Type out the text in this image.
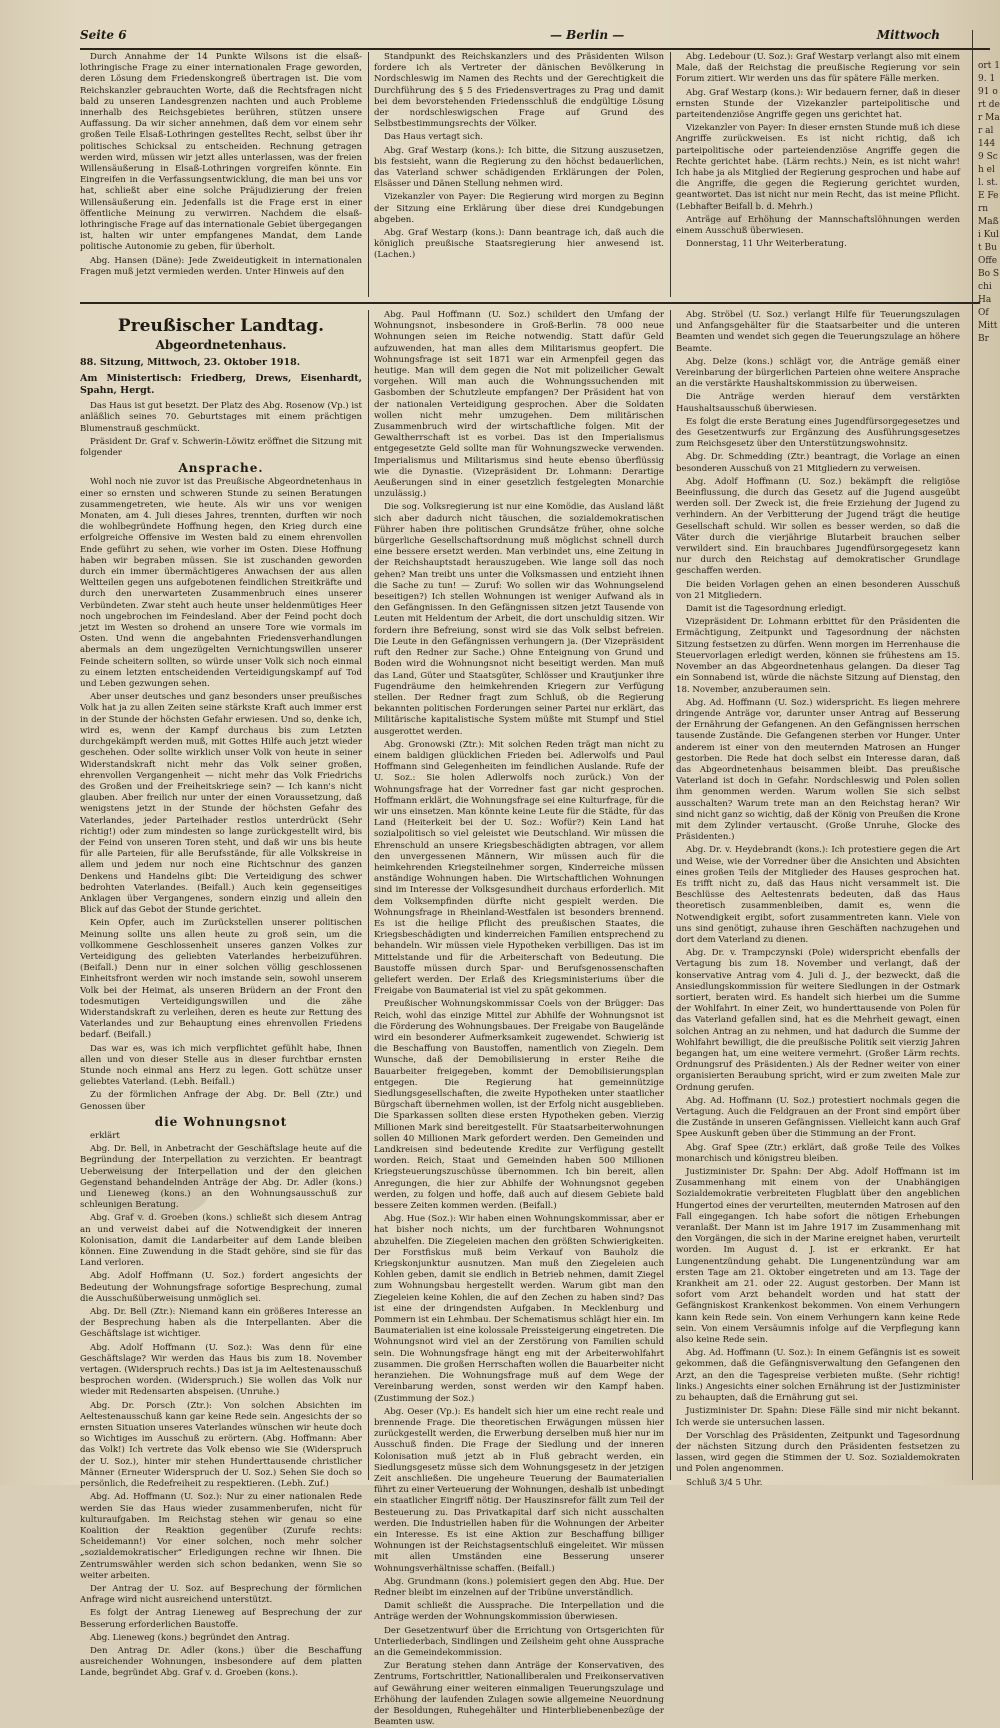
Seite 6	— Berlin —	Mittwoch

Durch Annahme der 14 Punkte Wilsons ist die elsaß-lothringische Frage zu einer internationalen Frage geworden, deren Lösung dem Friedenskongreß übertragen ist. Die vom Reichskanzler gebrauchten Worte, daß die Rechtsfragen nicht bald zu unseren Landesgrenzen nachten und auch Probleme innerhalb des Reichsgebietes berühren, stützen unsere Auffassung. Da wir sicher annehmen, daß dem vor einem sehr großen Teile Elsaß-Lothringen gestelltes Recht, selbst über ihr politisches Schicksal zu entscheiden. Rechnung getragen werden wird, müssen wir jetzt alles unterlassen, was der freien Willensäußerung in Elsaß-Lothringen vorgreifen könnte. Ein Eingreifen in die Verfassungsentwicklung, die man bei uns vor hat, schließt aber eine solche Präjudizierung der freien Willensäußerung ein. Jedenfalls ist die Frage erst in einer öffentliche Meinung zu verwirren. Nachdem die elsaß-lothringische Frage auf das internationale Gebiet übergegangen ist, halten wir unter empfangenes Mandat, dem Lande politische Autonomie zu geben, für überholt.

Abg. Hansen (Däne): Jede Zweideutigkeit in internationalen Fragen muß jetzt vermieden werden. Unter Hinweis auf den

Standpunkt des Reichskanzlers und des Präsidenten Wilson fordere ich als Vertreter der dänischen Bevölkerung in Nordschleswig im Namen des Rechts und der Gerechtigkeit die Durchführung des § 5 des Friedensvertrages zu Prag und damit bei dem bevorstehenden Friedensschluß die endgültige Lösung der nordschleswigschen Frage auf Grund des Selbstbestimmungsrechts der Völker.

Das Haus vertagt sich.

Abg. Graf Westarp (kons.): Ich bitte, die Sitzung auszusetzen, bis festsieht, wann die Regierung zu den höchst bedauerlichen, das Vaterland schwer schädigenden Erklärungen der Polen, Elsässer und Dänen Stellung nehmen wird.

Vizekanzler von Payer: Die Regierung wird morgen zu Beginn der Sitzung eine Erklärung über diese drei Kundgebungen abgeben.

Abg. Graf Westarp (kons.): Dann beantrage ich, daß auch die königlich preußische Staatsregierung hier anwesend ist. (Lachen.)

Abg. Ledebour (U. Soz.): Graf Westarp verlangt also mit einem Male, daß der Reichstag die preußische Regierung vor sein Forum zitiert. Wir werden uns das für spätere Fälle merken.

Abg. Graf Westarp (kons.): Wir bedauern ferner, daß in dieser ernsten Stunde der Vizekanzler parteipolitische und parteitendenziöse Angriffe gegen uns gerichtet hat.

Vizekanzler von Payer: In dieser ernsten Stunde muß ich diese Angriffe zurückweisen. Es ist nicht richtig, daß ich parteipolitische oder parteiendenziöse Angriffe gegen die Rechte gerichtet habe. (Lärm rechts.) Nein, es ist nicht wahr! Ich habe ja als Mitglied der Regierung gesprochen und habe auf die Angriffe, die gegen die Regierung gerichtet wurden, geantwortet. Das ist nicht nur mein Recht, das ist meine Pflicht. (Lebhafter Beifall b. d. Mehrh.)

Anträge auf Erhöhung der Mannschaftslöhnungen werden einem Ausschuß überwiesen.

Donnerstag, 11 Uhr Weiterberatung.

Preußischer Landtag.
Abgeordnetenhaus.
88. Sitzung, Mittwoch, 23. Oktober 1918.
Am Ministertisch: Friedberg, Drews, Eisenhardt, Spahn, Hergt.

Das Haus ist gut besetzt. Der Platz des Abg. Rosenow (Vp.) ist anläßlich seines 70. Geburtstages mit einem prächtigen Blumenstrauß geschmückt.

Präsident Dr. Graf v. Schwerin-Löwitz eröffnet die Sitzung mit folgender

Ansprache.

Wohl noch nie zuvor ist das Preußische Abgeordnetenhaus in einer so ernsten und schweren Stunde zu seinen Beratungen zusammengetreten, wie heute. Als wir uns vor wenigen Monaten, am 4. Juli dieses Jahres, trennten, durften wir noch die wohlbegründete Hoffnung hegen, den Krieg durch eine erfolgreiche Offensive im Westen bald zu einem ehrenvollen Ende geführt zu sehen, wie vorher im Osten. Diese Hoffnung haben wir begraben müssen. Sie ist zuschanden geworden durch ein immer übermächtigeres Anwachsen der aus allen Weltteilen gegen uns aufgebotenen feindlichen Streitkräfte und durch den unerwarteten Zusammenbruch eines unserer Verbündeten. Zwar steht auch heute unser heldenmütiges Heer noch ungebrochen im Feindesland. Aber der Feind pocht doch jetzt im Westen so drohend an unsere Tore wie vormals im Osten. Und wenn die angebahnten Friedensverhandlungen abermals an dem ungezügelten Vernichtungswillen unserer Feinde scheitern sollten, so würde unser Volk sich noch einmal zu einem letzten entscheidenden Verteidigungskampf auf Tod und Leben gezwungen sehen.

Aber unser deutsches und ganz besonders unser preußisches Volk hat ja zu allen Zeiten seine stärkste Kraft auch immer erst in der Stunde der höchsten Gefahr erwiesen. Und so, denke ich, wird es, wenn der Kampf durchaus bis zum Letzten durchgekämpft werden muß, mit Gottes Hilfe auch jetzt wieder geschehen. Oder sollte wirklich unser Volk von heute in seiner Widerstandskraft nicht mehr das Volk seiner großen, ehrenvollen Vergangenheit — nicht mehr das Volk Friedrichs des Großen und der Freiheitskriege sein? — Ich kann's nicht glauben. Aber freilich nur unter der einen Voraussetzung, daß wenigstens jetzt in der Stunde der höchsten Gefahr des Vaterlandes, jeder Parteihader restlos unterdrückt (Sehr richtig!) oder zum mindesten so lange zurückgestellt wird, bis der Feind von unseren Toren steht, und daß wir uns bis heute für alle Parteien, für alle Berufsstände, für alle Volkskreise in allem und jedem nur noch eine Richtschnur des ganzen Denkens und Handelns gibt: Die Verteidigung des schwer bedrohten Vaterlandes. (Beifall.) Auch kein gegenseitiges Anklagen über Vergangenes, sondern einzig und allein den Blick auf das Gebot der Stunde gerichtet.

Kein Opfer, auch im Zurückstellen unserer politischen Meinung sollte uns allen heute zu groß sein, um die vollkommene Geschlossenheit unseres ganzen Volkes zur Verteidigung des geliebten Vaterlandes herbeizuführen. (Beifall.) Denn nur in einer solchen völlig geschlossenen Einheitsfront werden wir noch imstande sein, sowohl unserem Volk bei der Heimat, als unseren Brüdern an der Front den todesmutigen Verteidigungswillen und die zähe Widerstandskraft zu verleihen, deren es heute zur Rettung des Vaterlandes und zur Behauptung eines ehrenvollen Friedens bedarf. (Beifall.)

Das war es, was ich mich verpflichtet gefühlt habe, Ihnen allen und von dieser Stelle aus in dieser furchtbar ernsten Stunde noch einmal ans Herz zu legen. Gott schütze unser geliebtes Vaterland. (Lebh. Beifall.)

Zu der förmlichen Anfrage der Abg. Dr. Bell (Ztr.) und Genossen über

die Wohnungsnot

erklärt

Abg. Dr. Bell, in Anbetracht der Geschäftslage heute auf die Begründung der Interpellation zu verzichten. Er beantragt Ueberweisung der Interpellation und der den gleichen Gegenstand behandelnden Anträge der Abg. Dr. Adler (kons.) und Lieneweg (kons.) an den Wohnungsausschuß zur schleunigen Beratung.

Abg. Graf v. d. Groeben (kons.) schließt sich diesem Antrag an und verweist dabei auf die Notwendigkeit der inneren Kolonisation, damit die Landarbeiter auf dem Lande bleiben können. Eine Zuwendung in die Stadt gehöre, sind sie für das Land verloren.

Abg. Adolf Hoffmann (U. Soz.) fordert angesichts der Bedeutung der Wohnungsfrage sofortige Besprechung, zumal die Ausschußüberweisung unmöglich sei.

Abg. Dr. Bell (Ztr.): Niemand kann ein größeres Interesse an der Besprechung haben als die Interpellanten. Aber die Geschäftslage ist wichtiger.

Abg. Adolf Hoffmann (U. Soz.): Was denn für eine Geschäftslage? Wir werden das Haus bis zum 18. November vertagen. (Widerspruch rechts.) Das ist ja im Aeltestenausschuß besprochen worden. (Widerspruch.) Sie wollen das Volk nur wieder mit Redensarten abspeisen. (Unruhe.)

Abg. Dr. Porsch (Ztr.): Von solchen Absichten im Aeltestenausschuß kann gar keine Rede sein. Angesichts der so ernsten Situation unseres Vaterlandes wünschen wir heute doch so Wichtiges im Ausschuß zu erörtern. (Abg. Hoffmann: Aber das Volk!) Ich vertrete das Volk ebenso wie Sie (Widerspruch der U. Soz.), hinter mir stehen Hunderttausende christlicher Männer (Erneuter Widerspruch der U. Soz.) Sehen Sie doch so persönlich, die Redefreiheit zu respektieren. (Lebh. Zuf.)

Abg. Ad. Hoffmann (U. Soz.): Nur zu einer nationalen Rede werden Sie das Haus wieder zusammenberufen, nicht für kulturaufgaben. Im Reichstag stehen wir genau so eine Koalition der Reaktion gegenüber (Zurufe rechts: Scheidemann!) Vor einer solchen, noch mehr solcher „sozialdemokratischer“ Erledigungen rechne wir Ihnen. Die Zentrumswähler werden sich schon bedanken, wenn Sie so weiter arbeiten.

Der Antrag der U. Soz. auf Besprechung der förmlichen Anfrage wird nicht ausreichend unterstützt.

Es folgt der Antrag Lieneweg auf Besprechung der zur Besserung erforderlichen Baustoffe.

Abg. Lieneweg (kons.) begründet den Antrag.

Den Antrag Dr. Adler (kons.) über die Beschaffung ausreichender Wohnungen, insbesondere auf dem platten Lande, begründet Abg. Graf v. d. Groeben (kons.).

Abg. Paul Hoffmann (U. Soz.) schildert den Umfang der Wohnungsnot, insbesondere in Groß-Berlin. 78 000 neue Wohnungen seien im Reiche notwendig. Statt dafür Geld aufzuwenden, hat man alles dem Militarismus geopfert. Die Wohnungsfrage ist seit 1871 war ein Armenpfeil gegen das heutige. Man will dem gegen die Not mit polizeilicher Gewalt vorgehen. Will man auch die Wohnungssuchenden mit Gasbomben der Schutzleute empfangen? Der Präsident hat von der nationalen Verteidigung gesprochen. Aber die Soldaten wollen nicht mehr umzugehen. Dem militärischen Zusammenbruch wird der wirtschaftliche folgen. Mit der Gewaltherrschaft ist es vorbei. Das ist den Imperialismus entgegesetzte Geld sollte man für Wohnungszwecke verwenden. Imperialismus und Militarismus sind heute ebenso überflüssig wie die Dynastie. (Vizepräsident Dr. Lohmann: Derartige Aeußerungen sind in einer gesetzlich festgelegten Monarchie unzulässig.)

Die sog. Volksregierung ist nur eine Komödie, das Ausland läßt sich aber dadurch nicht täuschen, die sozialdemokratischen Führer haben ihre politischen Grundsätze früher, ohne solche bürgerliche Gesellschaftsordnung muß möglichst schnell durch eine bessere ersetzt werden. Man verbindet uns, eine Zeitung in der Reichshauptstadt herauszugeben. Wie lange soll das noch gehen? Man treibt uns unter die Volksmassen und entzieht ihnen die Sache zu tun! — Zuruf: Wo sollen wir das Wohnungselend beseitigen?) Ich stellen Wohnungen ist weniger Aufwand als in den Gefängnissen. In den Gefängnissen sitzen jetzt Tausende von Leuten mit Heldentum der Arbeit, die dort unschuldig sitzen. Wir fordern ihre Befreiung, sonst wird sie das Volk selbst befreien. Die Leute in den Gefängnissen verhungern ja. (Der Vizepräsident ruft den Redner zur Sache.) Ohne Enteignung von Grund und Boden wird die Wohnungsnot nicht beseitigt werden. Man muß das Land, Güter und Staatsgüter, Schlösser und Krautjunker ihre Fugendräume den heimkehrenden Kriegern zur Verfügung stellen. Der Redner fragt zum Schluß, ob die Regierung bekannten politischen Forderungen seiner Partei nur erklärt, das Militärische kapitalistische System müßte mit Stumpf und Stiel ausgerottet werden.

Abg. Gronowski (Ztr.): Mit solchen Reden trägt man nicht zu einem baldigen glücklichen Frieden bei. Adlerwolfs und Paul Hoffmann sind Gelegenheiten im feindlichen Auslande. Rufe der U. Soz.: Sie holen Adlerwolfs noch zurück.) Von der Wohnungsfrage hat der Vorredner fast gar nicht gesprochen. Hoffmann erklärt, die Wohnungsfrage sei eine Kulturfrage, für die wir uns einsetzen. Man könnte keine Leute für die Städte, für das Land (Heiterkeit bei der U. Soz.: Wofür?) Kein Land hat sozialpolitisch so viel geleistet wie Deutschland. Wir müssen die Ehrenschuld an unsere Kriegsbeschädigten abtragen, vor allem den unvergessenen Männern, Wir müssen auch für die heimkehrenden Kriegsteilnehmer sorgen, Kinderreiche müssen anständige Wohnungen haben. Die Wirtschaftlichen Wohnungen sind im Interesse der Volksgesundheit durchaus erforderlich. Mit dem Volksempfinden dürfte nicht gespielt werden. Die Wohnungsfrage in Rheinland-Westfalen ist besonders brennend. Es ist die heilige Pflicht des preußischen Staates, die Kriegsbeschädigten und kinderreichen Familien entsprechend zu behandeln. Wir müssen viele Hypotheken verbilligen. Das ist im Mittelstande und für die Arbeiterschaft von Bedeutung. Die Baustoffe müssen durch Spar- und Berufsgenossenschaften geliefert werden. Der Erlaß des Kriegsministeriums über die Freigabe von Baumaterial ist viel zu spät gekommen.

Preußischer Wohnungskommissar Coels von der Brügger: Das Reich, wohl das einzige Mittel zur Abhilfe der Wohnungsnot ist die Förderung des Wohnungsbaues. Der Freigabe von Baugelände wird ein besonderer Aufmerksamkeit zugewendet. Schwierig ist die Beschaffung von Baustoffen, namentlich von Ziegeln. Dem Wunsche, daß der Demobilisierung in erster Reihe die Bauarbeiter freigegeben, kommt der Demobilisierungsplan entgegen. Die Regierung hat gemeinnützige Siedlungsgesellschaften, die zweite Hypotheken unter staatlicher Bürgschaft übernehmen wollen, ist der Erfolg nicht ausgeblieben. Die Sparkassen sollten diese ersten Hypotheken geben. Vierzig Millionen Mark sind bereitgestellt. Für Staatsarbeiterwohnungen sollen 40 Millionen Mark gefordert werden. Den Gemeinden und Landkreisen sind bedeutende Kredite zur Verfügung gestellt worden. Reich, Staat und Gemeinden haben 500 Millionen Kriegsteuerungszuschüsse übernommen. Ich bin bereit, allen Anregungen, die hier zur Abhilfe der Wohnungsnot gegeben werden, zu folgen und hoffe, daß auch auf diesem Gebiete bald bessere Zeiten kommen werden. (Beifall.)

Abg. Hue (Soz.): Wir haben einen Wohnungskommissar, aber er hat bisher noch nichts, um der furchtbaren Wohnungsnot abzuhelfen. Die Ziegeleien machen den größten Schwierigkeiten. Der Forstfiskus muß beim Verkauf von Bauholz die Kriegskonjunktur ausnutzen. Man muß den Ziegeleien auch Kohlen geben, damit sie endlich in Betrieb nehmen, damit Ziegel zum Wohnungsbau hergestellt werden. Warum gibt man den Ziegeleien keine Kohlen, die auf den Zechen zu haben sind? Das ist eine der dringendsten Aufgaben. In Mecklenburg und Pommern ist ein Lehmbau. Der Schematismus schlägt hier ein. Im Baumaterialien ist eine kolossale Preissteigerung eingetreten. Die Wohnungsnot wird viel an der Zerstörung von Familien schuld sein. Die Wohnungsfrage hängt eng mit der Arbeiterwohlfahrt zusammen. Die großen Herrschaften wollen die Bauarbeiter nicht heranziehen. Die Wohnungsfrage muß auf dem Wege der Vereinbarung werden, sonst werden wir den Kampf haben. (Zustimmung der Soz.)

Abg. Oeser (Vp.): Es handelt sich hier um eine recht reale und brennende Frage. Die theoretischen Erwägungen müssen hier zurückgestellt werden, die Erwerbung derselben muß hier nur im Ausschuß finden. Die Frage der Siedlung und der inneren Kolonisation muß jetzt ab in Fluß gebracht werden, ein Siedlungsgesetz müsse sich dem Wohnungsgesetz in der jetzigen Zeit anschließen. Die ungeheure Teuerung der Baumaterialien führt zu einer Verteuerung der Wohnungen, deshalb ist unbedingt ein staatlicher Eingriff nötig. Der Hauszinsrefor fällt zum Teil der Besteuerung zu. Das Privatkapital darf sich nicht ausschalten werden. Die Industriellen haben für die Wohnungen der Arbeiter ein Interesse. Es ist eine Aktion zur Beschaffung billiger Wohnungen ist der Reichstagsentschluß eingeleitet. Wir müssen mit allen Umständen eine Besserung unserer Wohnungsverhältnisse schaffen. (Beifall.)

Abg. Grundmann (kons.) polemisiert gegen den Abg. Hue. Der Redner bleibt im einzelnen auf der Tribüne unverständlich.

Damit schließt die Aussprache. Die Interpellation und die Anträge werden der Wohnungskommission überwiesen.

Der Gesetzentwurf über die Errichtung von Ortsgerichten für Unterliederbach, Sindlingen und Zeilsheim geht ohne Aussprache an die Gemeindekommission.

Zur Beratung stehen dann Anträge der Konservativen, des Zentrums, Fortschrittler, Nationalliberalen und Freikonservativen auf Gewährung einer weiteren einmaligen Teuerungszulage und Erhöhung der laufenden Zulagen sowie allgemeine Neuordnung der Besoldungen, Ruhegehälter und Hinterbliebenenbezüge der Beamten usw.

Abg. Ströbel (U. Soz.) verlangt Hilfe für Teuerungszulagen und Anfangsgehälter für die Staatsarbeiter und die unteren Beamten und wendet sich gegen die Teuerungszulage an höhere Beamte.

Abg. Delze (kons.) schlägt vor, die Anträge gemäß einer Vereinbarung der bürgerlichen Parteien ohne weitere Ansprache an die verstärkte Haushaltskommission zu überweisen.

Die Anträge werden hierauf dem verstärkten Haushaltsausschuß überwiesen.

Es folgt die erste Beratung eines Jugendfürsorgegesetzes und des Gesetzentwurfs zur Ergänzung des Ausführungsgesetzes zum Reichsgesetz über den Unterstützungswohnsitz.

Abg. Dr. Schmedding (Ztr.) beantragt, die Vorlage an einen besonderen Ausschuß von 21 Mitgliedern zu verweisen.

Abg. Adolf Hoffmann (U. Soz.) bekämpft die religiöse Beeinflussung, die durch das Gesetz auf die Jugend ausgeübt werden soll. Der Zweck ist, die freie Erziehung der Jugend zu verhindern. An der Verbitterung der Jugend trägt die heutige Gesellschaft schuld. Wir sollen es besser werden, so daß die Väter durch die vierjährige Blutarbeit brauchen selber verwildert sind. Ein brauchbares Jugendfürsorgegesetz kann nur durch den Reichstag auf demokratischer Grundlage geschaffen werden.

Die beiden Vorlagen gehen an einen besonderen Ausschuß von 21 Mitgliedern.

Damit ist die Tagesordnung erledigt.

Vizepräsident Dr. Lohmann erbittet für den Präsidenten die Ermächtigung, Zeitpunkt und Tagesordnung der nächsten Sitzung festsetzen zu dürfen. Wenn morgen im Herrenhause die Steuervorlagen erledigt werden, können sie frühestens am 15. November an das Abgeordnetenhaus gelangen. Da dieser Tag ein Sonnabend ist, würde die nächste Sitzung auf Dienstag, den 18. November, anzuberaumen sein.

Abg. Ad. Hoffmann (U. Soz.) widerspricht. Es liegen mehrere dringende Anträge vor, darunter unser Antrag auf Besserung der Ernährung der Gefangenen. An den Gefängnissen herrschen tausende Zustände. Die Gefangenen sterben vor Hunger. Unter anderem ist einer von den meuternden Matrosen an Hunger gestorben. Die Rede hat doch selbst ein Interesse daran, daß das Abgeordnetenhaus beisammen bleibt. Das preußische Vaterland ist doch in Gefahr. Nordschleswig und Polen sollen ihm genommen werden. Warum wollen Sie sich selbst ausschalten? Warum trete man an den Reichstag heran? Wir sind nicht ganz so wichtig, daß der König von Preußen die Krone mit dem Zylinder vertauscht. (Große Unruhe, Glocke des Präsidenten.)

Abg. Dr. v. Heydebrandt (kons.): Ich protestiere gegen die Art und Weise, wie der Vorredner über die Ansichten und Absichten eines großen Teils der Mitglieder des Hauses gesprochen hat. Es trifft nicht zu, daß das Haus nicht versammelt ist. Die Beschlüsse des Aeltestenrats bedeuten, daß das Haus theoretisch zusammenbleiben, damit es, wenn die Notwendigkeit ergibt, sofort zusammentreten kann. Viele von uns sind genötigt, zuhause ihren Geschäften nachzugehen und dort dem Vaterland zu dienen.

Abg. Dr. v. Trampczynski (Pole) widerspricht ebenfalls der Vertagung bis zum 18. November und verlangt, daß der konservative Antrag vom 4. Juli d. J., der bezweckt, daß die Ansiedlungskommission für weitere Siedlungen in der Ostmark sortiert, beraten wird. Es handelt sich hierbei um die Summe der Wohlfahrt. In einer Zeit, wo hunderttausende von Polen für das Vaterland gefallen sind, hat es die Mehrheit gewagt, einen solchen Antrag an zu nehmen, und hat dadurch die Summe der Wohlfahrt bewilligt, die die preußische Politik seit vierzig Jahren begangen hat, um eine weitere vermehrt. (Großer Lärm rechts. Ordnungsruf des Präsidenten.) Als der Redner weiter von einer organisierten Beraubung spricht, wird er zum zweiten Male zur Ordnung gerufen.

Abg. Ad. Hoffmann (U. Soz.) protestiert nochmals gegen die Vertagung. Auch die Feldgrauen an der Front sind empört über die Zustände in unseren Gefängnissen. Vielleicht kann auch Graf Spee Auskunft geben über die Stimmung an der Front.

Abg. Graf Spee (Ztr.) erklärt, daß große Teile des Volkes monarchisch und königstreu bleiben.

Justizminister Dr. Spahn: Der Abg. Adolf Hoffmann ist im Zusammenhang mit einem von der Unabhängigen Sozialdemokratie verbreiteten Flugblatt über den angeblichen Hungertod eines der verurteilten, meuternden Matrosen auf den Fall eingegangen. Ich habe sofort die nötigen Erhebungen veranlaßt. Der Mann ist im Jahre 1917 im Zusammenhang mit den Vorgängen, die sich in der Marine ereignet haben, verurteilt worden. Im August d. J. ist er erkrankt. Er hat Lungenentzündung gehabt. Die Lungenentzündung war am ersten Tage am 21. Oktober eingetreten und am 13. Tage der Krankheit am 21. oder 22. August gestorben. Der Mann ist sofort vom Arzt behandelt worden und hat statt der Gefängniskost Krankenkost bekommen. Von einem Verhungern kann kein Rede sein. Von einem Verhungern kann keine Rede sein. Von einem Versäumnis infolge auf die Verpflegung kann also keine Rede sein.

Abg. Ad. Hoffmann (U. Soz.): In einem Gefängnis ist es soweit gekommen, daß die Gefängnisverwaltung den Gefangenen den Arzt, an den die Tagespreise verbieten mußte. (Sehr richtig! links.) Angesichts einer solchen Ernährung ist der Justizminister zu behaupten, daß die Ernährung gut sei.

Justizminister Dr. Spahn: Diese Fälle sind mir nicht bekannt. Ich werde sie untersuchen lassen.

Der Vorschlag des Präsidenten, Zeitpunkt und Tagesordnung der nächsten Sitzung durch den Präsidenten festsetzen zu lassen, wird gegen die Stimmen der U. Soz. Sozialdemokraten und Polen angenommen.

Schluß 3/4 5 Uhr.

ort 19. 191 ort der Mar al 1449 Sch ell. st. E Fern Maßi Kult Bu Offe Bo Schi Ha Of Mitt Br
